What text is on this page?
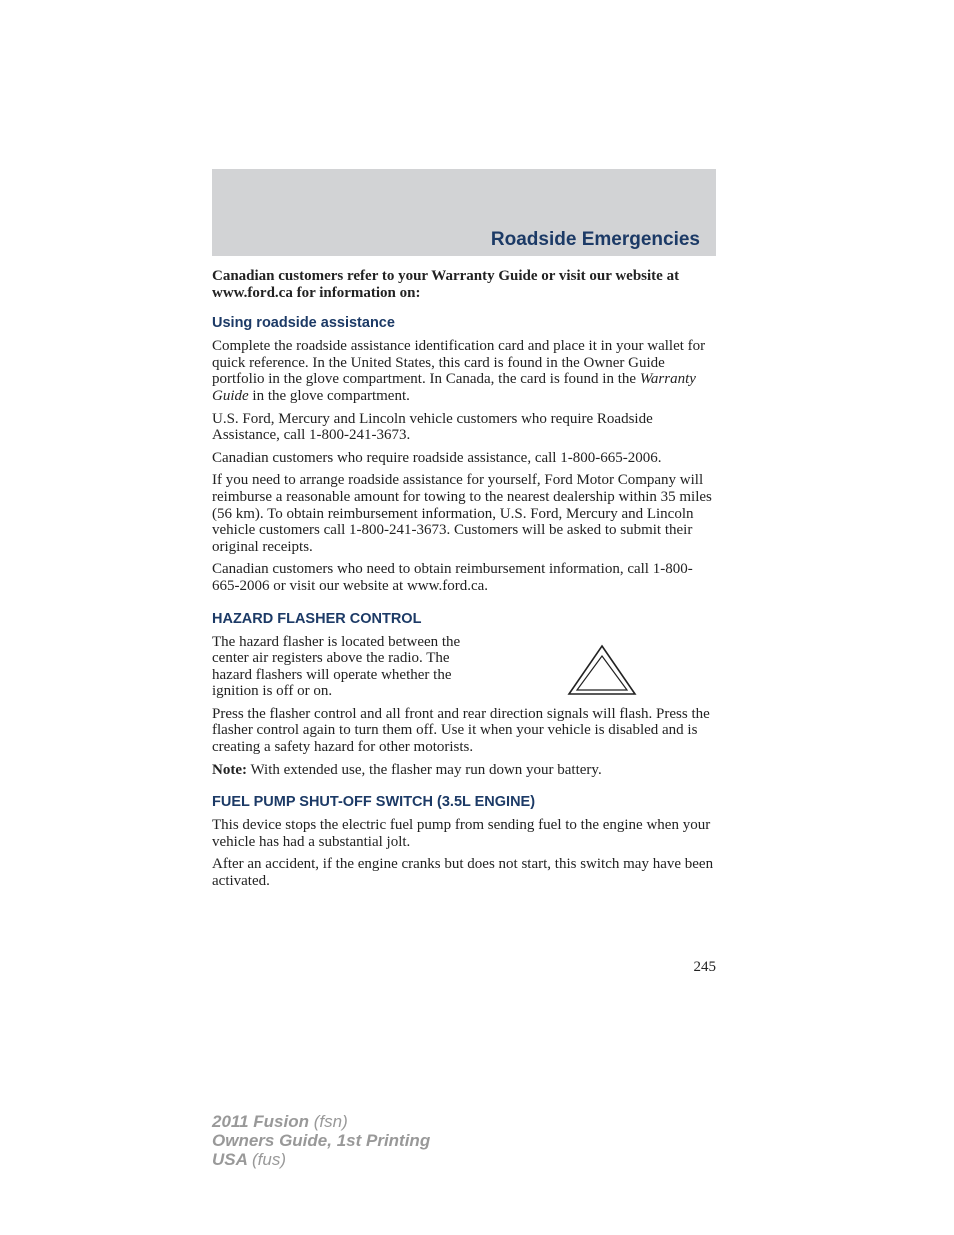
Roadside Emergencies

Canadian customers refer to your Warranty Guide or visit our website at www.ford.ca for information on:

Using roadside assistance

Complete the roadside assistance identification card and place it in your wallet for quick reference. In the United States, this card is found in the Owner Guide portfolio in the glove compartment. In Canada, the card is found in the Warranty Guide in the glove compartment.

U.S. Ford, Mercury and Lincoln vehicle customers who require Roadside Assistance, call 1-800-241-3673.

Canadian customers who require roadside assistance, call 1-800-665-2006.

If you need to arrange roadside assistance for yourself, Ford Motor Company will reimburse a reasonable amount for towing to the nearest dealership within 35 miles (56 km). To obtain reimbursement information, U.S. Ford, Mercury and Lincoln vehicle customers call 1-800-241-3673. Customers will be asked to submit their original receipts.

Canadian customers who need to obtain reimbursement information, call 1-800-665-2006 or visit our website at www.ford.ca.

HAZARD FLASHER CONTROL

The hazard flasher is located between the center air registers above the radio. The hazard flashers will operate whether the ignition is off or on.

Press the flasher control and all front and rear direction signals will flash. Press the flasher control again to turn them off. Use it when your vehicle is disabled and is creating a safety hazard for other motorists.

Note: With extended use, the flasher may run down your battery.

FUEL PUMP SHUT-OFF SWITCH (3.5L ENGINE)

This device stops the electric fuel pump from sending fuel to the engine when your vehicle has had a substantial jolt.

After an accident, if the engine cranks but does not start, this switch may have been activated.

245
2011 Fusion (fsn)
Owners Guide, 1st Printing
USA (fus)
